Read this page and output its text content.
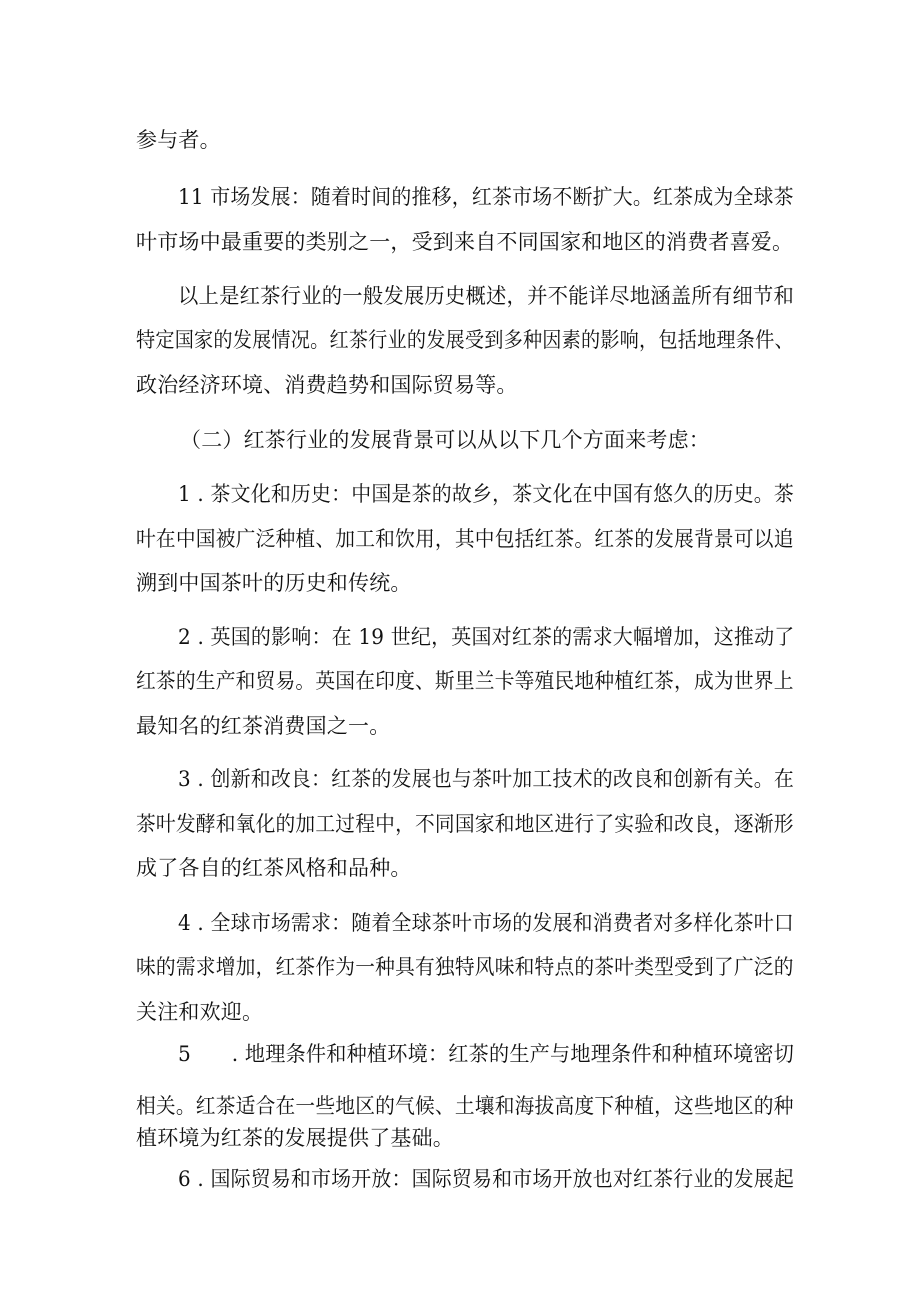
参与者。
11 市场发展：随着时间的推移，红茶市场不断扩大。红茶成为全球茶
叶市场中最重要的类别之一，受到来自不同国家和地区的消费者喜爱。
以上是红茶行业的一般发展历史概述，并不能详尽地涵盖所有细节和
特定国家的发展情况。红茶行业的发展受到多种因素的影响，包括地理条件、
政治经济环境、消费趋势和国际贸易等。
（二）红茶行业的发展背景可以从以下几个方面来考虑：
1 . 茶文化和历史：中国是茶的故乡，茶文化在中国有悠久的历史。茶
叶在中国被广泛种植、加工和饮用，其中包括红茶。红茶的发展背景可以追
溯到中国茶叶的历史和传统。
2 . 英国的影响：在 19 世纪，英国对红茶的需求大幅增加，这推动了
红茶的生产和贸易。英国在印度、斯里兰卡等殖民地种植红茶，成为世界上
最知名的红茶消费国之一。
3 . 创新和改良：红茶的发展也与茶叶加工技术的改良和创新有关。在
茶叶发酵和氧化的加工过程中，不同国家和地区进行了实验和改良，逐渐形
成了各自的红茶风格和品种。
4 . 全球市场需求：随着全球茶叶市场的发展和消费者对多样化茶叶口
味的需求增加，红茶作为一种具有独特风味和特点的茶叶类型受到了广泛的
关注和欢迎。
5　　. 地理条件和种植环境：红茶的生产与地理条件和种植环境密切
相关。红茶适合在一些地区的气候、土壤和海拔高度下种植，这些地区的种
植环境为红茶的发展提供了基础。
6 . 国际贸易和市场开放：国际贸易和市场开放也对红茶行业的发展起
